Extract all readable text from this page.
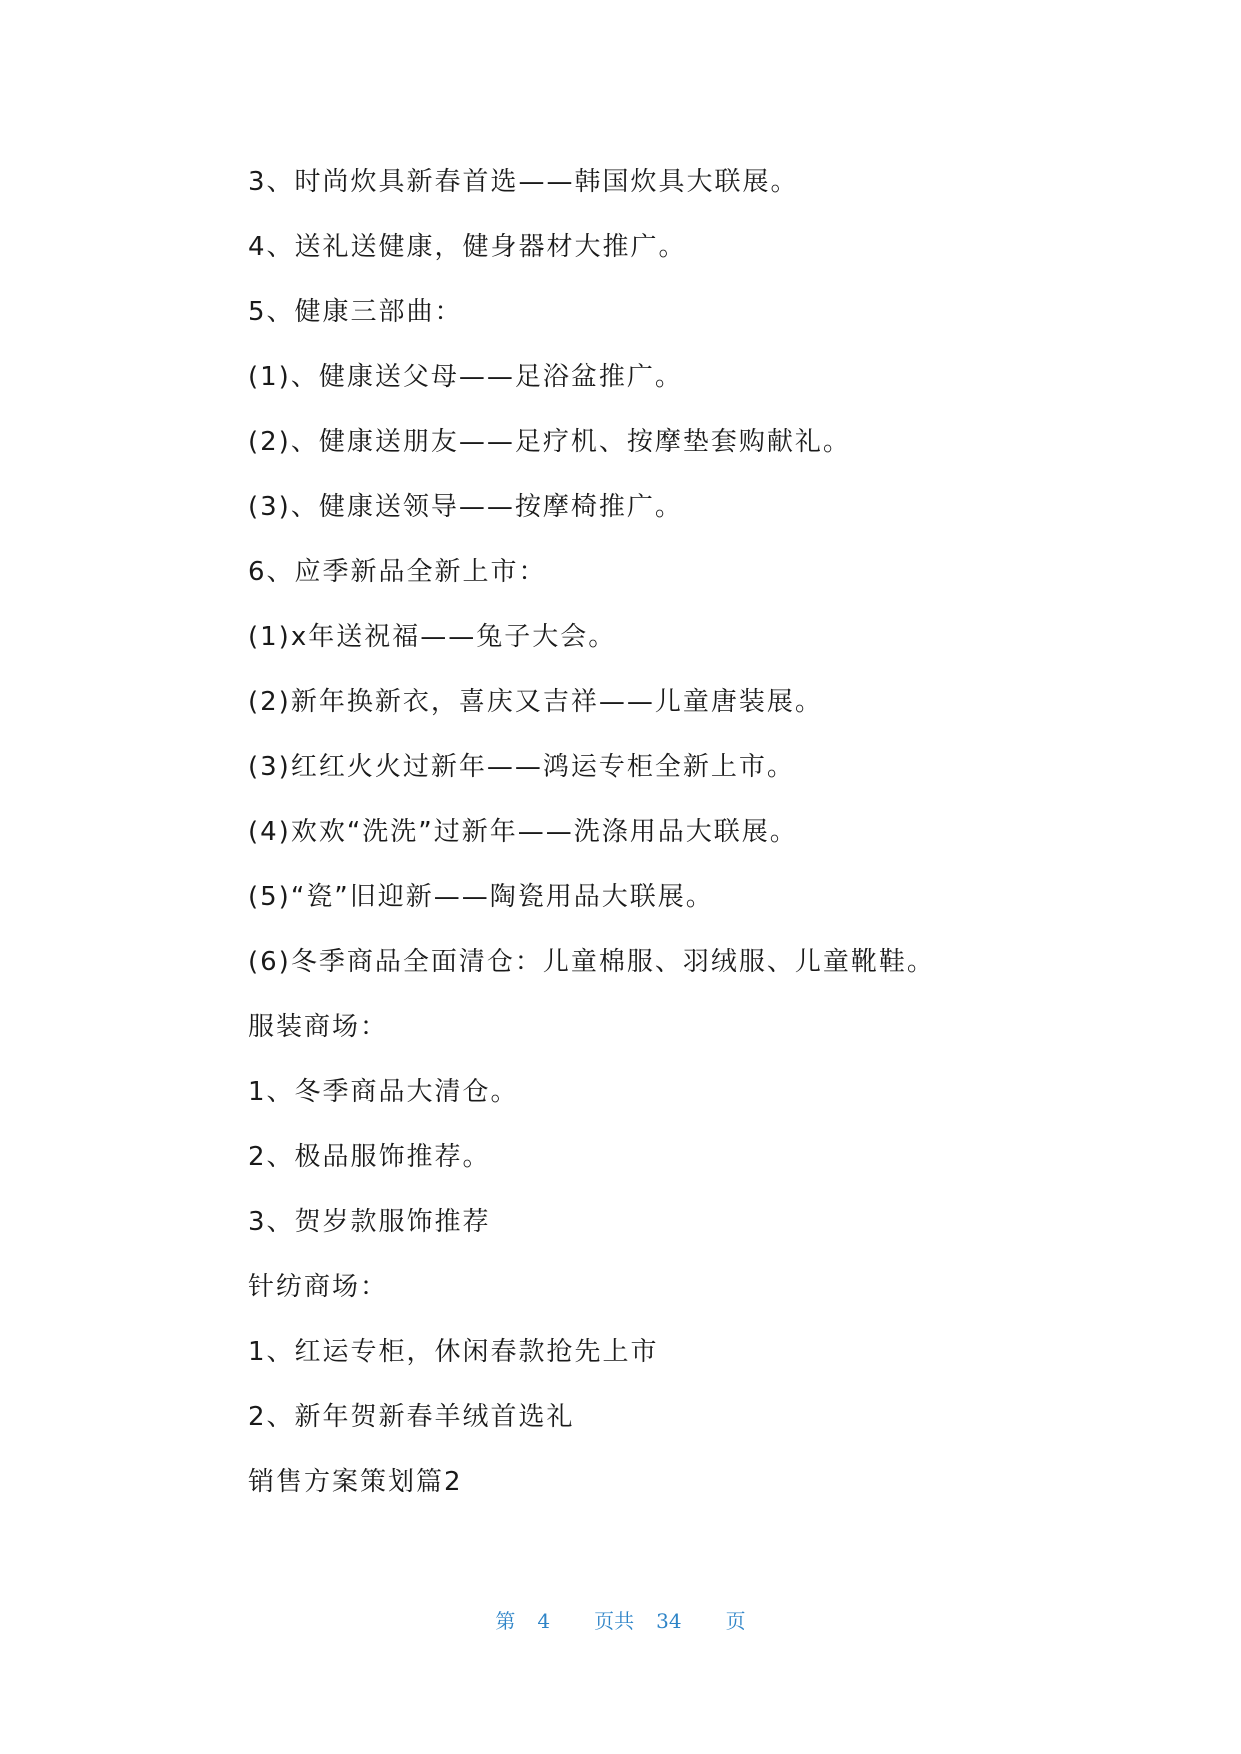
3、时尚炊具新春首选——韩国炊具大联展。
4、送礼送健康，健身器材大推广。
5、健康三部曲：
(1)、健康送父母——足浴盆推广。
(2)、健康送朋友——足疗机、按摩垫套购献礼。
(3)、健康送领导——按摩椅推广。
6、应季新品全新上市：
(1)x年送祝福——兔子大会。
(2)新年换新衣，喜庆又吉祥——儿童唐装展。
(3)红红火火过新年——鸿运专柜全新上市。
(4)欢欢“洗洗”过新年——洗涤用品大联展。
(5)“瓷”旧迎新——陶瓷用品大联展。
(6)冬季商品全面清仓：儿童棉服、羽绒服、儿童靴鞋。
服装商场：
1、冬季商品大清仓。
2、极品服饰推荐。
3、贺岁款服饰推荐
针纺商场：
1、红运专柜，休闲春款抢先上市
2、新年贺新春羊绒首选礼
销售方案策划篇2
第 4 页共 34 页
